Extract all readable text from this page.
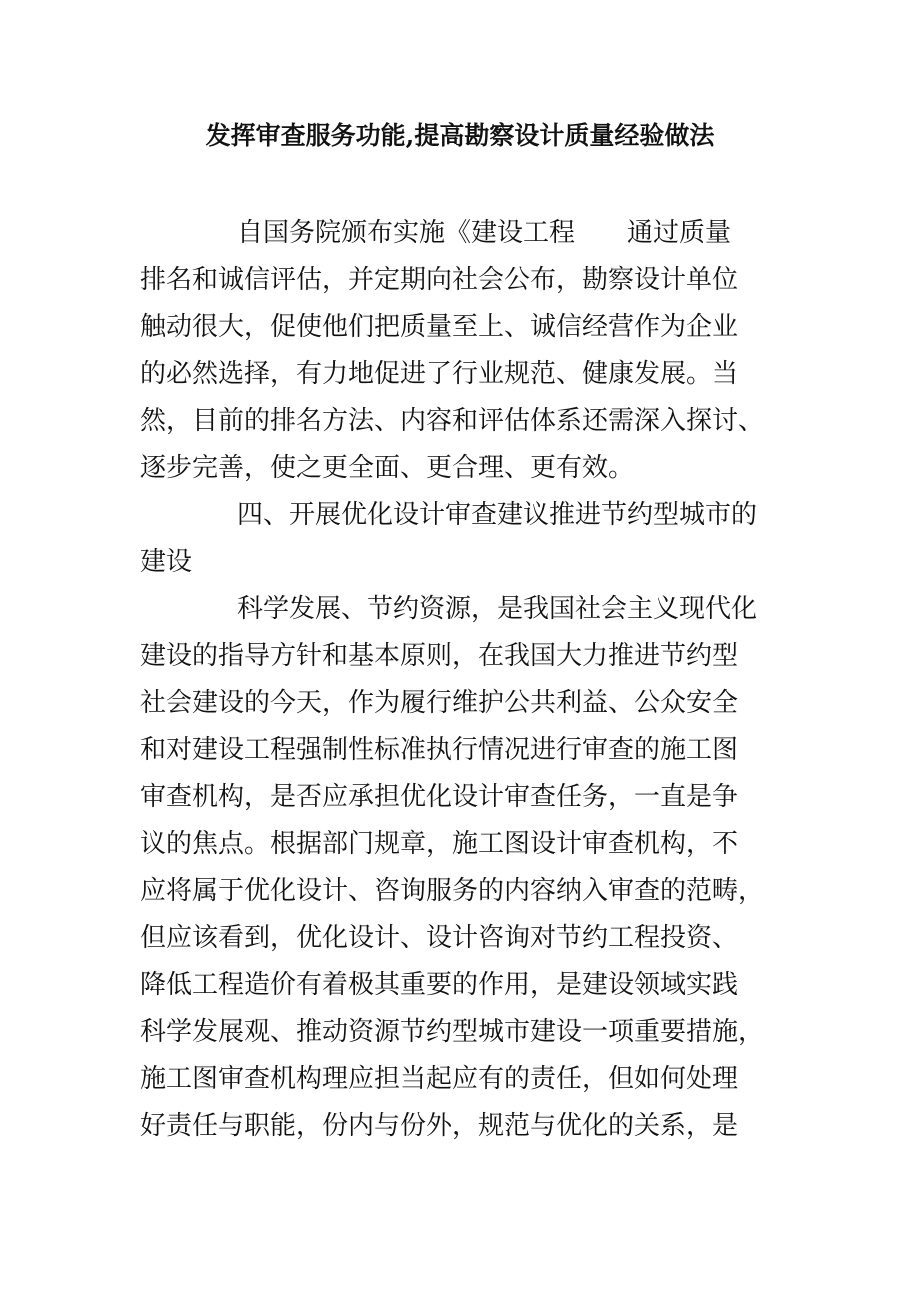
发挥审查服务功能,提高勘察设计质量经验做法
自国务院颁布实施《建设工程 通过质量
排名和诚信评估，并定期向社会公布，勘察设计单位
触动很大，促使他们把质量至上、诚信经营作为企业
的必然选择，有力地促进了行业规范、健康发展。当
然，目前的排名方法、内容和评估体系还需深入探讨、
逐步完善，使之更全面、更合理、更有效。
四、开展优化设计审查建议推进节约型城市的
建设
科学发展、节约资源，是我国社会主义现代化
建设的指导方针和基本原则，在我国大力推进节约型
社会建设的今天，作为履行维护公共利益、公众安全
和对建设工程强制性标准执行情况进行审查的施工图
审查机构，是否应承担优化设计审查任务，一直是争
议的焦点。根据部门规章，施工图设计审查机构，不
应将属于优化设计、咨询服务的内容纳入审查的范畴，
但应该看到，优化设计、设计咨询对节约工程投资、
降低工程造价有着极其重要的作用，是建设领域实践
科学发展观、推动资源节约型城市建设一项重要措施，
施工图审查机构理应担当起应有的责任，但如何处理
好责任与职能，份内与份外，规范与优化的关系，是
